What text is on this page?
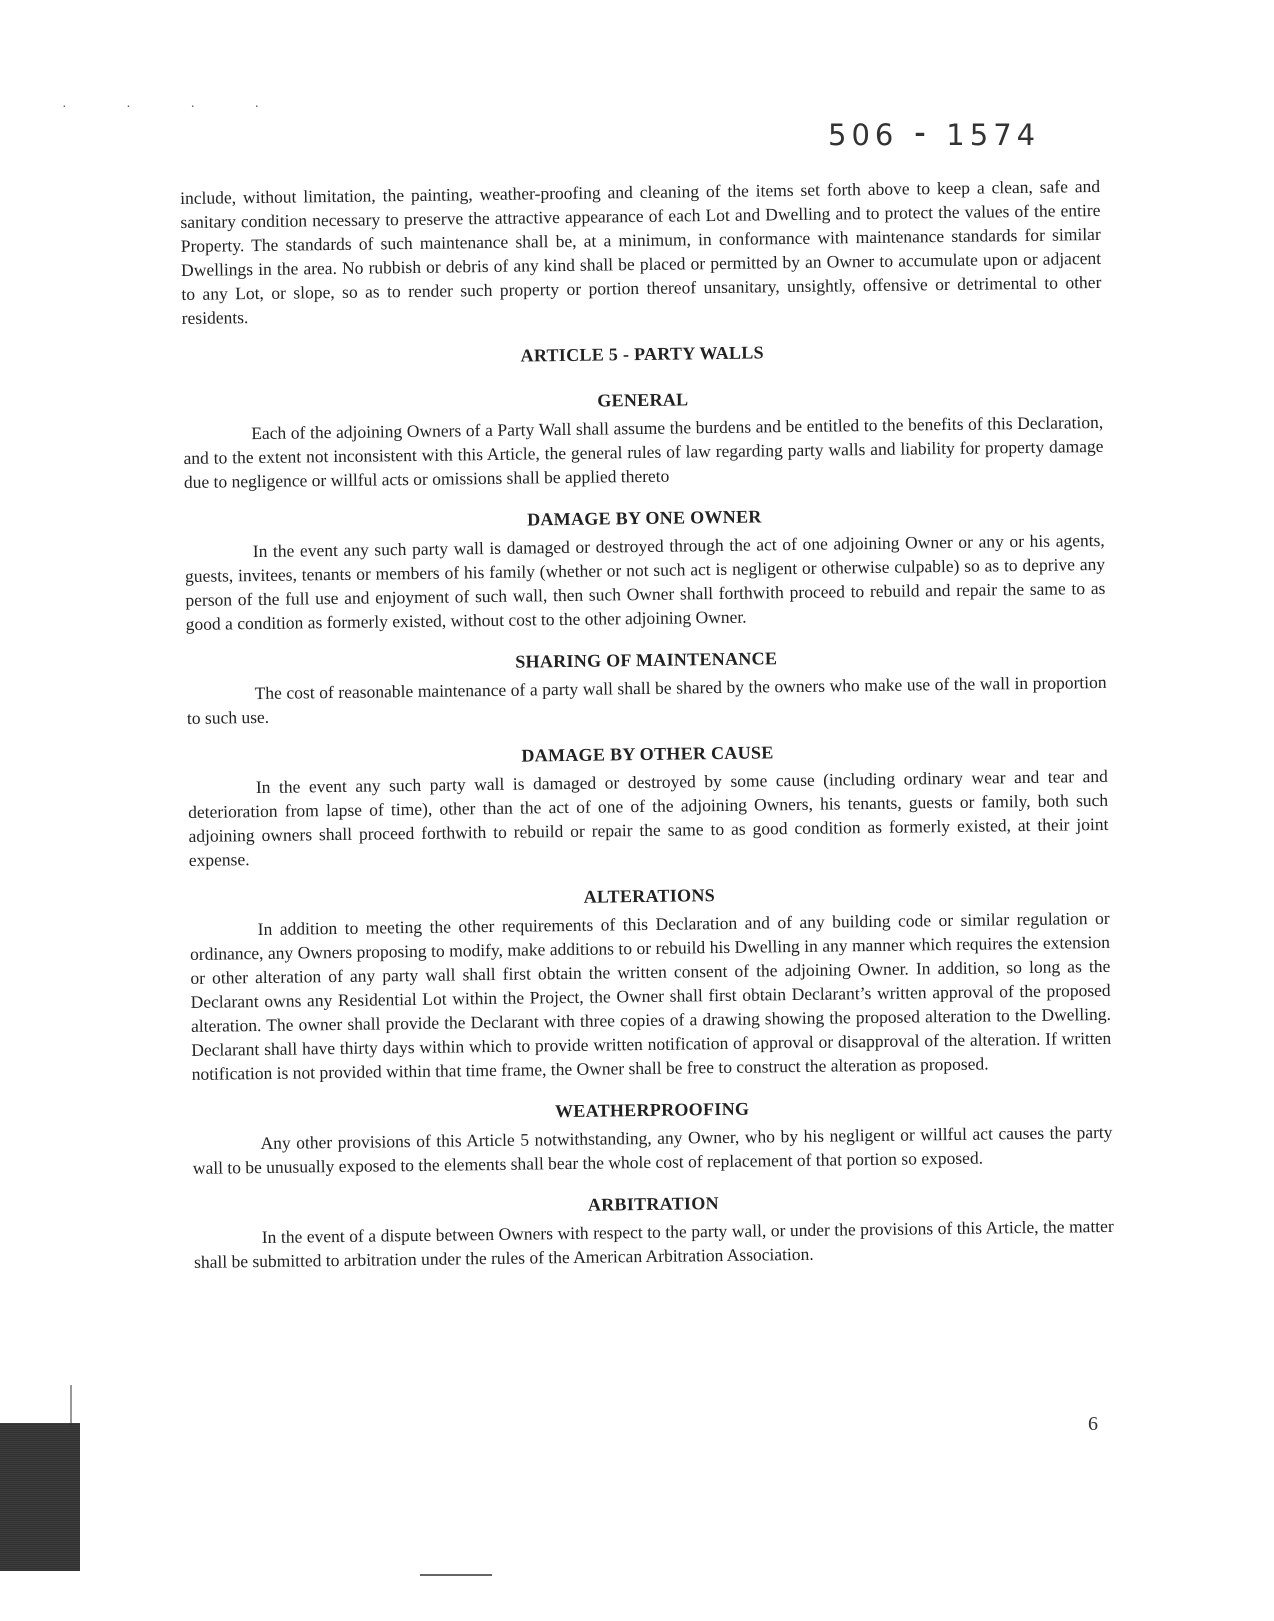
· · · ·
506 ⁃ 1574

include, without limitation, the painting, weather-proofing and cleaning of the items set forth above to keep a clean, safe and sanitary condition necessary to preserve the attractive appearance of each Lot and Dwelling and to protect the values of the entire Property. The standards of such maintenance shall be, at a minimum, in conformance with maintenance standards for similar Dwellings in the area. No rubbish or debris of any kind shall be placed or permitted by an Owner to accumulate upon or adjacent to any Lot, or slope, so as to render such property or portion thereof unsanitary, unsightly, offensive or detrimental to other residents.

ARTICLE 5 - PARTY WALLS
GENERAL

Each of the adjoining Owners of a Party Wall shall assume the burdens and be entitled to the benefits of this Declaration, and to the extent not inconsistent with this Article, the general rules of law regarding party walls and liability for property damage due to negligence or willful acts or omissions shall be applied thereto

DAMAGE BY ONE OWNER

In the event any such party wall is damaged or destroyed through the act of one adjoining Owner or any or his agents, guests, invitees, tenants or members of his family (whether or not such act is negligent or otherwise culpable) so as to deprive any person of the full use and enjoyment of such wall, then such Owner shall forthwith proceed to rebuild and repair the same to as good a condition as formerly existed, without cost to the other adjoining Owner.

SHARING OF MAINTENANCE

The cost of reasonable maintenance of a party wall shall be shared by the owners who make use of the wall in proportion to such use.

DAMAGE BY OTHER CAUSE

In the event any such party wall is damaged or destroyed by some cause (including ordinary wear and tear and deterioration from lapse of time), other than the act of one of the adjoining Owners, his tenants, guests or family, both such adjoining owners shall proceed forthwith to rebuild or repair the same to as good condition as formerly existed, at their joint expense.

ALTERATIONS

In addition to meeting the other requirements of this Declaration and of any building code or similar regulation or ordinance, any Owners proposing to modify, make additions to or rebuild his Dwelling in any manner which requires the extension or other alteration of any party wall shall first obtain the written consent of the adjoining Owner. In addition, so long as the Declarant owns any Residential Lot within the Project, the Owner shall first obtain Declarant’s written approval of the proposed alteration. The owner shall provide the Declarant with three copies of a drawing showing the proposed alteration to the Dwelling. Declarant shall have thirty days within which to provide written notification of approval or disapproval of the alteration. If written notification is not provided within that time frame, the Owner shall be free to construct the alteration as proposed.

WEATHERPROOFING

Any other provisions of this Article 5 notwithstanding, any Owner, who by his negligent or willful act causes the party wall to be unusually exposed to the elements shall bear the whole cost of replacement of that portion so exposed.

ARBITRATION

In the event of a dispute between Owners with respect to the party wall, or under the provisions of this Article, the matter shall be submitted to arbitration under the rules of the American Arbitration Association.

6
